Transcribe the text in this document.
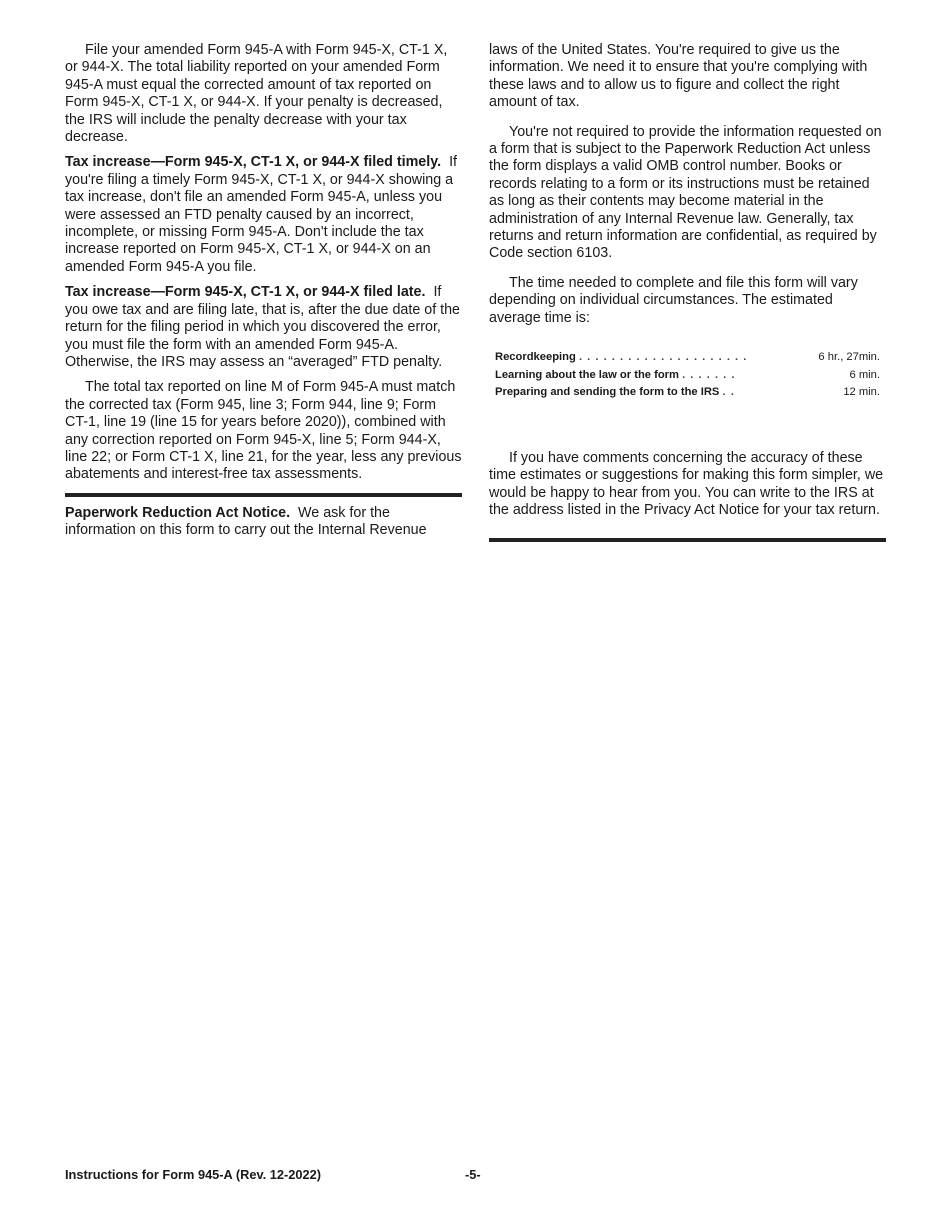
File your amended Form 945-A with Form 945-X, CT-1 X, or 944-X. The total liability reported on your amended Form 945-A must equal the corrected amount of tax reported on Form 945-X, CT-1 X, or 944-X. If your penalty is decreased, the IRS will include the penalty decrease with your tax decrease.

Tax increase—Form 945-X, CT-1 X, or 944-X filed timely. If you're filing a timely Form 945-X, CT-1 X, or 944-X showing a tax increase, don't file an amended Form 945-A, unless you were assessed an FTD penalty caused by an incorrect, incomplete, or missing Form 945-A. Don't include the tax increase reported on Form 945-X, CT-1 X, or 944-X on an amended Form 945-A you file.

Tax increase—Form 945-X, CT-1 X, or 944-X filed late. If you owe tax and are filing late, that is, after the due date of the return for the filing period in which you discovered the error, you must file the form with an amended Form 945-A. Otherwise, the IRS may assess an “averaged” FTD penalty.

The total tax reported on line M of Form 945-A must match the corrected tax (Form 945, line 3; Form 944, line 9; Form CT-1, line 19 (line 15 for years before 2020)), combined with any correction reported on Form 945-X, line 5; Form 944-X, line 22; or Form CT-1 X, line 21, for the year, less any previous abatements and interest-free tax assessments.

Paperwork Reduction Act Notice. We ask for the information on this form to carry out the Internal Revenue

laws of the United States. You're required to give us the information. We need it to ensure that you're complying with these laws and to allow us to figure and collect the right amount of tax.

You're not required to provide the information requested on a form that is subject to the Paperwork Reduction Act unless the form displays a valid OMB control number. Books or records relating to a form or its instructions must be retained as long as their contents may become material in the administration of any Internal Revenue law. Generally, tax returns and return information are confidential, as required by Code section 6103.

The time needed to complete and file this form will vary depending on individual circumstances. The estimated average time is:

Recordkeeping . . . . . . . . . . . . . . . . . . . . .	6 hr., 27min.
Learning about the law or the form . . . . . . .	6 min.
Preparing and sending the form to the IRS . .	12 min.

If you have comments concerning the accuracy of these time estimates or suggestions for making this form simpler, we would be happy to hear from you. You can write to the IRS at the address listed in the Privacy Act Notice for your tax return.

Instructions for Form 945-A (Rev. 12-2022)	-5-
